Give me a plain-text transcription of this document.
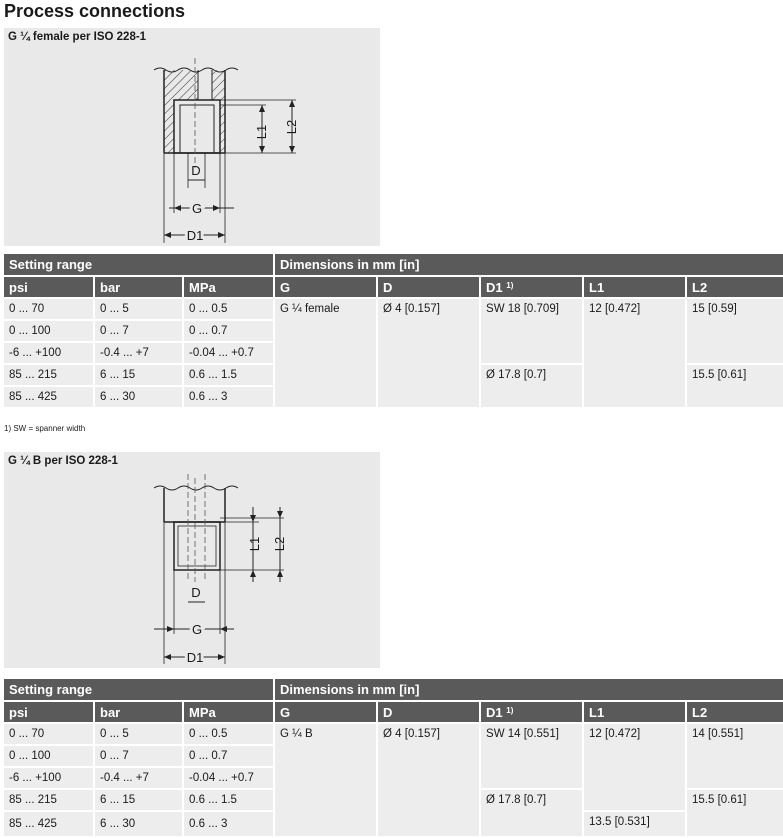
Process connections
G ¼ female per ISO 228-1
L1 L2
D
G
D1
Setting range			Dimensions in mm [in]				
psi	bar	MPa	G	D	D1 $^{1)}$	L1	L2
0 ... 70	0 ... 5	0 ... 0.5	G ¼ female	Ø 4 [0.157]	SW 18 [0.709]	12 [0.472]	15 [0.59]
0 ... 100	0 ... 7	0 ... 0.7					
-6 ... +100	-0.4 ... +7	-0.04 ... +0.7					
85 ... 215	6 ... 15	0.6 ... 1.5			Ø 17.8 [0.7]		15.5 [0.61]
85 ... 425	6 ... 30	0.6 ... 3					
1) SW = spanner width
G ¼ B per ISO 228-1
L1 L2
D
G
D1
Setting range			Dimensions in mm [in]				
psi	bar	MPa	G	D	D1 $^{1)}$	L1	L2
0 ... 70	0 ... 5	0 ... 0.5	G ¼ B	Ø 4 [0.157]	SW 14 [0.551]	12 [0.472]	14 [0.551]
0 ... 100	0 ... 7	0 ... 0.7					
-6 ... +100	-0.4 ... +7	-0.04 ... +0.7					
85 ... 215	6 ... 15	0.6 ... 1.5			Ø 17.8 [0.7]		15.5 [0.61]
85 ... 425	6 ... 30	0.6 ... 3				13.5 [0.531]	
